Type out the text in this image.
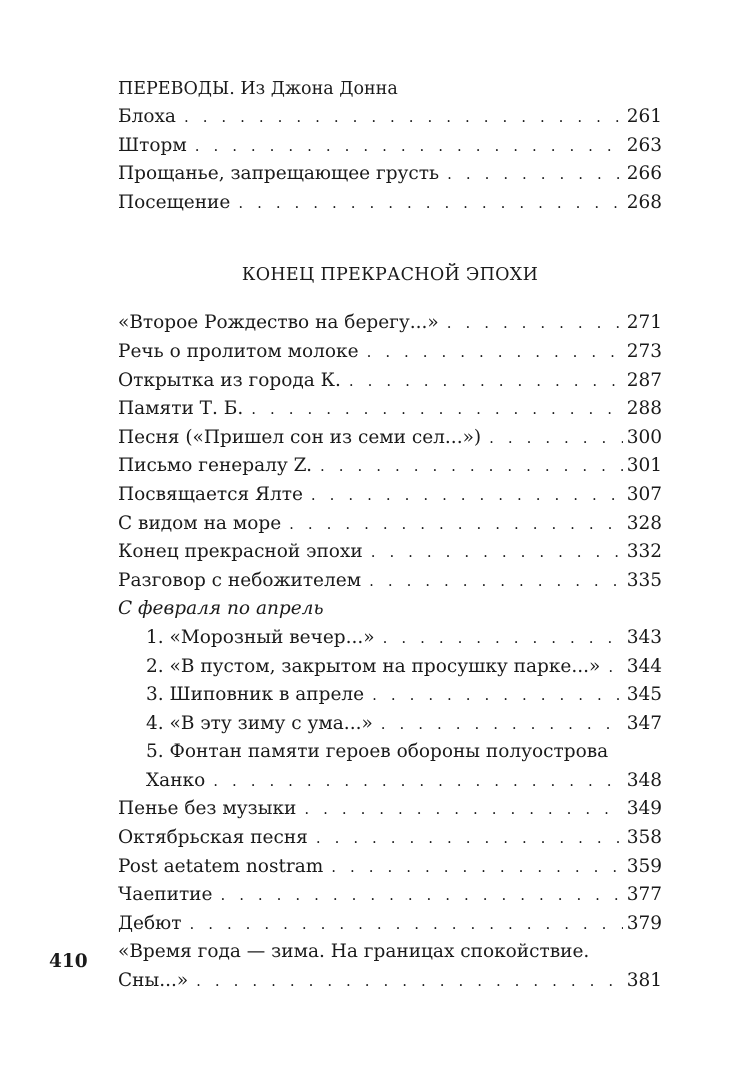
ПЕРЕВОДЫ. Из Джона Донна
Блоха . . .	261
Шторм . . .	263
Прощанье, запрещающее грусть . . .	266
Посещение . . .	268
КОНЕЦ ПРЕКРАСНОЙ ЭПОХИ
«Второе Рождество на берегу...» . . .	271
Речь о пролитом молоке . . .	273
Открытка из города К. . . .	287
Памяти Т. Б. . . .	288
Песня («Пришел сон из семи сел...») . . .	300
Письмо генералу Z. . . .	301
Посвящается Ялте . . .	307
С видом на море . . .	328
Конец прекрасной эпохи . . .	332
Разговор с небожителем . . .	335
С февраля по апрель
1. «Морозный вечер...» . . .	343
2. «В пустом, закрытом на просушку парке...» . . . 344
3. Шиповник в апреле . . .	345
4. «В эту зиму с ума...» . . .	347
5. Фонтан памяти героев обороны полуострова
Ханко . . .	348
Пенье без музыки . . .	349
Октябрьская песня . . .	358
Post aetatem nostram . . .	359
Чаепитие . . .	377
Дебют . . .	379
«Время года — зима. На границах спокойствие.
Сны...» . . .	381
410
